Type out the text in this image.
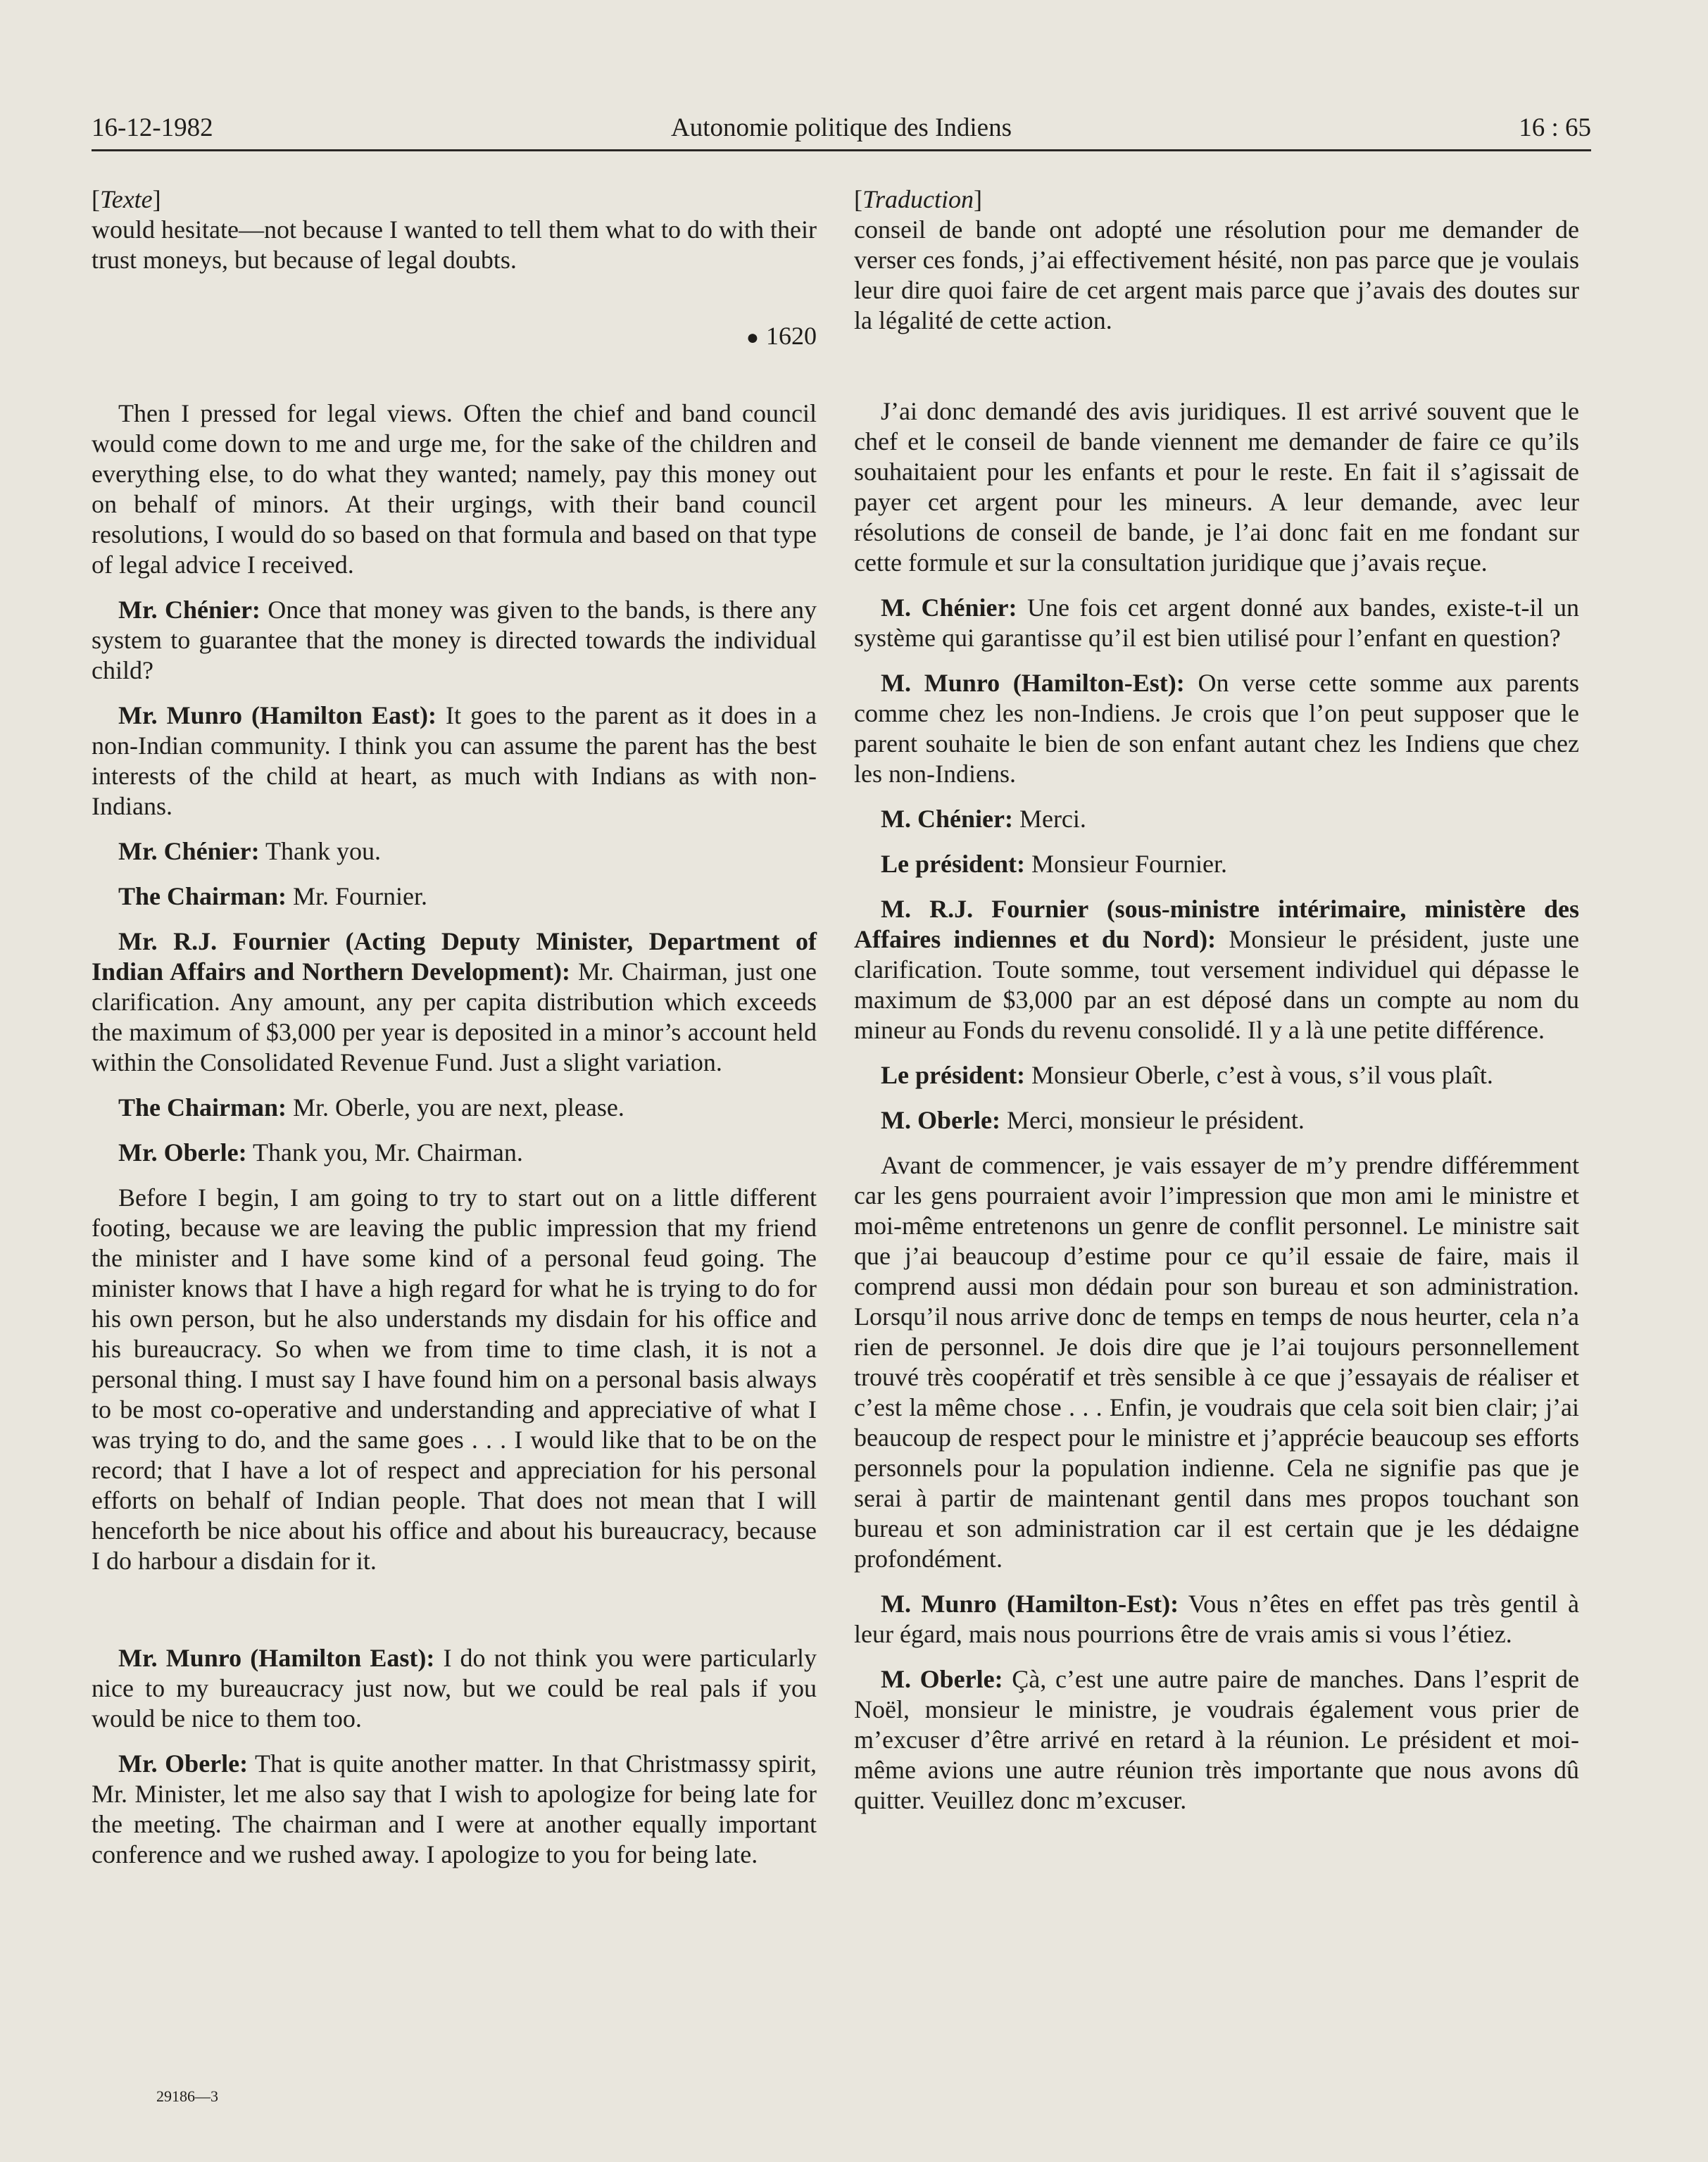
16-12-1982	Autonomie politique des Indiens	16 : 65

[Texte]

would hesitate—not because I wanted to tell them what to do with their trust moneys, but because of legal doubts.

● 1620

Then I pressed for legal views. Often the chief and band council would come down to me and urge me, for the sake of the children and everything else, to do what they wanted; namely, pay this money out on behalf of minors. At their urgings, with their band council resolutions, I would do so based on that formula and based on that type of legal advice I received.

Mr. Chénier: Once that money was given to the bands, is there any system to guarantee that the money is directed towards the individual child?

Mr. Munro (Hamilton East): It goes to the parent as it does in a non-Indian community. I think you can assume the parent has the best interests of the child at heart, as much with Indians as with non-Indians.

Mr. Chénier: Thank you.

The Chairman: Mr. Fournier.

Mr. R.J. Fournier (Acting Deputy Minister, Department of Indian Affairs and Northern Development): Mr. Chairman, just one clarification. Any amount, any per capita distribution which exceeds the maximum of $3,000 per year is deposited in a minor’s account held within the Consolidated Revenue Fund. Just a slight variation.

The Chairman: Mr. Oberle, you are next, please.

Mr. Oberle: Thank you, Mr. Chairman.

Before I begin, I am going to try to start out on a little different footing, because we are leaving the public impression that my friend the minister and I have some kind of a personal feud going. The minister knows that I have a high regard for what he is trying to do for his own person, but he also understands my disdain for his office and his bureaucracy. So when we from time to time clash, it is not a personal thing. I must say I have found him on a personal basis always to be most co-operative and understanding and appreciative of what I was trying to do, and the same goes . . . I would like that to be on the record; that I have a lot of respect and appreciation for his personal efforts on behalf of Indian people. That does not mean that I will henceforth be nice about his office and about his bureaucracy, because I do harbour a disdain for it.

Mr. Munro (Hamilton East): I do not think you were particularly nice to my bureaucracy just now, but we could be real pals if you would be nice to them too.

Mr. Oberle: That is quite another matter. In that Christmassy spirit, Mr. Minister, let me also say that I wish to apologize for being late for the meeting. The chairman and I were at another equally important conference and we rushed away. I apologize to you for being late.

[Traduction]

conseil de bande ont adopté une résolution pour me demander de verser ces fonds, j’ai effectivement hésité, non pas parce que je voulais leur dire quoi faire de cet argent mais parce que j’avais des doutes sur la légalité de cette action.

J’ai donc demandé des avis juridiques. Il est arrivé souvent que le chef et le conseil de bande viennent me demander de faire ce qu’ils souhaitaient pour les enfants et pour le reste. En fait il s’agissait de payer cet argent pour les mineurs. A leur demande, avec leur résolutions de conseil de bande, je l’ai donc fait en me fondant sur cette formule et sur la consultation juridique que j’avais reçue.

M. Chénier: Une fois cet argent donné aux bandes, existe-t-il un système qui garantisse qu’il est bien utilisé pour l’enfant en question?

M. Munro (Hamilton-Est): On verse cette somme aux parents comme chez les non-Indiens. Je crois que l’on peut supposer que le parent souhaite le bien de son enfant autant chez les Indiens que chez les non-Indiens.

M. Chénier: Merci.

Le président: Monsieur Fournier.

M. R.J. Fournier (sous-ministre intérimaire, ministère des Affaires indiennes et du Nord): Monsieur le président, juste une clarification. Toute somme, tout versement individuel qui dépasse le maximum de $3,000 par an est déposé dans un compte au nom du mineur au Fonds du revenu consolidé. Il y a là une petite différence.

Le président: Monsieur Oberle, c’est à vous, s’il vous plaît.

M. Oberle: Merci, monsieur le président.

Avant de commencer, je vais essayer de m’y prendre différemment car les gens pourraient avoir l’impression que mon ami le ministre et moi-même entretenons un genre de conflit personnel. Le ministre sait que j’ai beaucoup d’estime pour ce qu’il essaie de faire, mais il comprend aussi mon dédain pour son bureau et son administration. Lorsqu’il nous arrive donc de temps en temps de nous heurter, cela n’a rien de personnel. Je dois dire que je l’ai toujours personnellement trouvé très coopératif et très sensible à ce que j’essayais de réaliser et c’est la même chose . . . Enfin, je voudrais que cela soit bien clair; j’ai beaucoup de respect pour le ministre et j’apprécie beaucoup ses efforts personnels pour la population indienne. Cela ne signifie pas que je serai à partir de maintenant gentil dans mes propos touchant son bureau et son administration car il est certain que je les dédaigne profondément.

M. Munro (Hamilton-Est): Vous n’êtes en effet pas très gentil à leur égard, mais nous pourrions être de vrais amis si vous l’étiez.

M. Oberle: Çà, c’est une autre paire de manches. Dans l’esprit de Noël, monsieur le ministre, je voudrais également vous prier de m’excuser d’être arrivé en retard à la réunion. Le président et moi-même avions une autre réunion très importante que nous avons dû quitter. Veuillez donc m’excuser.

29186—3
